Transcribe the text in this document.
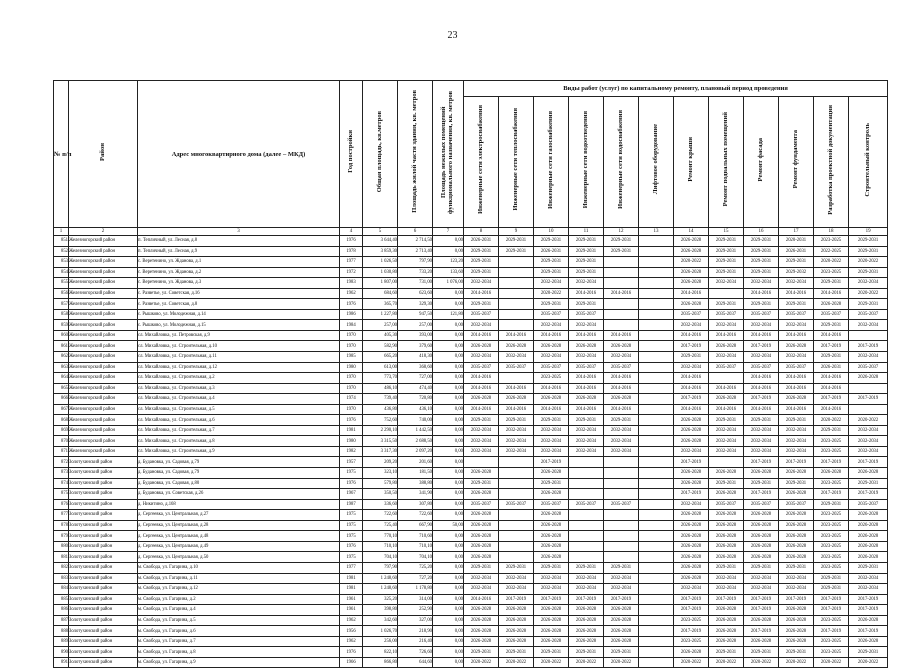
23
№ п/п	Район	Адрес многоквартирного дома (далее – МКД)	Год постройки	Общая площадь, кв.метров	Площадь жилой части здания, кв. метров	Площадь нежилых помещений функционального назначения, кв. метров	Виды работ (услуг) по капитальному ремонту, плановый период проведения											
							Инженерные сети электроснабжения	Инженерные сети теплоснабжения	Инженерные сети газоснабжения	Инженерные сети водоотведения	Инженерные сети водоснабжения	Лифтовое оборудование	Ремонт крыши	Ремонт подвальных помещений	Ремонт фасада	Ремонт фундамента	Разработка проектной документации	Строительный контроль
1	2	3	4	5	6	7	8	9	10	11	12	13	14	15	16	17	18	19
851	Железногорский район	п. Тепличный, ул. Лесная, д.8	1976	3 644,40	2 714,50	0,00	2026-2031	2029-2031	2029-2031	2029-2031	2029-2031		2026-2028	2029-2031	2029-2031	2020-2031	2023-2025	2029-2031
852	Железногорский район	п. Тепличный, ул. Лесная, д.9	1978	3 859,30	2 713,40	0,00	2029-2031	2029-2031	2026-2031	2029-2031	2029-2031		2026-2028	2029-2031	2029-2031	2026-2031	2022-2025	2029-2031
853	Железногорский район	с. Веретенино, ул. Жданова, д.1	1977	1 026,50	797,90	123,20	2029-2031		2029-2031	2029-2031			2020-2022	2029-2031	2029-2031	2029-2031	2020-2022	2020-2022
854	Железногорский район	с. Веретенино, ул. Жданова, д.2	1972	1 030,80	733,20	133,60	2029-2031		2029-2031	2029-2031			2026-2028	2029-2031	2029-2031	2029-2032	2023-2025	2029-2031
855	Железногорский район	с. Веретенино, ул. Жданова, д.3	1983	1 807,00	731,00	1 076,00	2032-2034		2032-2034	2032-2034			2026-2028	2032-2034	2032-2034	2032-2034	2029-2031	2032-2034
856	Железногорский район	с. Разветье, ул. Советская, д.16	1962	684,60	623,60	0,00	2014-2016		2020-2022	2014-2016	2014-2016		2014-2016		2014-2016	2014-2016	2014-2016	2020-2022
857	Железногорский район	с. Разветье, ул. Советская, д.8	1976	365,70	329,30	0,00	2029-2031		2029-2031	2029-2031			2026-2028	2029-2031	2029-2031	2029-2031	2026-2028	2029-2031
858	Железногорский район	с. Рышково, ул. Молодежная, д.14	1986	1 227,80	947,50	121,80	2035-2037		2035-2037	2035-2037			2035-2037	2035-2037	2035-2037	2035-2037	2035-2037	2035-2037
859	Железногорский район	с. Рышково, ул. Молодежная, д.15	1984	257,00	257,00	0,00	2032-2034		2032-2034	2032-2034			2032-2034	2032-2034	2032-2034	2032-2034	2029-2031	2032-2034
860	Железногорский район	сл. Михайловка, ул. Петровская, д.9	1970	405,30	393,00	0,00	2014-2016	2014-2016	2014-2016	2014-2016	2014-2016		2014-2016	2014-2016	2014-2016	2014-2016	2014-2016	
861	Железногорский район	сл. Михайловка, ул. Строительная, д.10	1970	582,90	379,60	0,00	2026-2028	2026-2028	2026-2028	2026-2028	2026-2028		2017-2019	2026-2028	2017-2019	2026-2028	2017-2019	2017-2019
862	Железногорский район	сл. Михайловка, ул. Строительная, д.11	1985	665,20	418,30	0,00	2032-2034	2032-2034	2032-2034	2032-2034	2032-2034		2029-2031	2032-2034	2032-2034	2032-2034	2029-2031	2032-2034
863	Железногорский район	сл. Михайловка, ул. Строительная, д.12	1980	613,00	368,60	0,00	2035-2037	2035-2037	2035-2037	2035-2037	2035-2037		2032-2034	2035-2037	2035-2037	2035-2037	2026-2031	2035-2037
864	Железногорский район	сл. Михайловка, ул. Строительная, д.2	1970	773,70	727,00	0,00	2014-2016		2023-2025	2014-2016	2014-2016		2014-2016		2014-2016	2014-2016	2014-2016	2026-2028
865	Железногорский район	сл. Михайловка, ул. Строительная, д.3	1970	486,10	474,40	0,00	2014-2016	2014-2016	2014-2016	2014-2016	2014-2016		2014-2016	2014-2016	2014-2016	2014-2016	2014-2016	
866	Железногорский район	сл. Михайловка, ул. Строительная, д.4	1974	739,40	720,80	0,00	2026-2028	2026-2028	2026-2028	2026-2028	2026-2028		2017-2019	2026-2028	2017-2019	2026-2028	2017-2019	2017-2019
867	Железногорский район	сл. Михайловка, ул. Строительная, д.5	1970	436,80	436,10	0,00	2014-2016	2014-2016	2014-2016	2014-2016	2014-2016		2014-2016	2014-2016	2014-2016	2014-2016	2014-2016	
868	Железногорский район	сл. Михайловка, ул. Строительная, д.6	1976	752,60	740,00	0,00	2029-2031	2029-2031	2029-2031	2029-2031	2029-2031		2026-2028	2029-2031	2029-2031	2029-2031	2020-2022	2020-2022
869	Железногорский район	сл. Михайловка, ул. Строительная, д.7	1981	2 290,10	1 442,50	0,00	2032-2034	2032-2034	2032-2034	2032-2034	2032-2034		2026-2028	2032-2034	2032-2034	2032-2034	2029-2031	2032-2034
870	Железногорский район	сл. Михайловка, ул. Строительная, д.8	1980	3 315,50	2 688,50	0,00	2032-2034	2032-2034	2032-2034	2032-2034	2032-2034		2026-2028	2032-2034	2032-2034	2032-2034	2023-2025	2032-2034
871	Железногорский район	сл. Михайловка, ул. Строительная, д.9	1982	3 317,30	2 097,20	0,00	2032-2034	2032-2034	2032-2034	2032-2034	2032-2034		2032-2034	2032-2034	2032-2034	2032-2034	2023-2025	2032-2034
872	Золотухинский район	д. Будановка, ул. Садовая, д.79	1957	209,20	201,60	0,00			2017-2019				2017-2019		2017-2019	2017-2019	2017-2019	2017-2019
873	Золотухинский район	д. Будановка, ул. Садовая, д.79	1975	323,10	181,50	0,00	2026-2028		2026-2028				2026-2028	2026-2028	2026-2028	2026-2028	2026-2028	2026-2028
874	Золотухинский район	д. Будановка, ул. Садовая, д.80	1976	579,80	388,80	0,00	2029-2031		2029-2031				2026-2028	2029-2031	2029-2031	2029-2031	2023-2025	2029-2031
875	Золотухинский район	д. Будановка, ул. Советская, д.26	1967	350,50	341,90	0,00	2026-2028		2026-2028				2017-2019	2026-2028	2017-2019	2026-2028	2017-2019	2017-2019
876	Золотухинский район	д. Никитино, д.168	1987	336,60	307,80	0,00	2035-2037	2035-2037	2035-2037	2035-2037	2035-2037		2032-2034	2035-2037	2035-2037	2035-2037	2029-2031	2035-2037
877	Золотухинский район	д. Сергеевка, ул. Центральная, д.27	1975	722,60	722,60	0,00	2026-2028		2026-2028				2026-2028	2026-2028	2026-2028	2026-2028	2023-2025	2026-2028
878	Золотухинский район	д. Сергеевка, ул. Центральная, д.28	1975	725,40	667,90	50,00	2026-2028		2026-2028				2026-2028	2026-2028	2026-2028	2026-2028	2023-2025	2026-2028
879	Золотухинский район	д. Сергеевка, ул. Центральная, д.48	1975	770,10	710,60	0,00	2026-2028		2026-2028				2026-2028	2026-2028	2026-2028	2026-2028	2023-2025	2026-2028
880	Золотухинский район	д. Сергеевка, ул. Центральная, д.49	1976	710,10	710,10	0,00	2026-2028		2026-2028				2026-2028	2026-2028	2026-2028	2026-2028	2023-2025	2026-2028
881	Золотухинский район	д. Сергеевка, ул. Центральная, д.50	1975	704,10	704,10	0,00	2026-2028		2026-2028				2026-2028	2026-2028	2026-2028	2026-2028	2023-2025	2026-2028
882	Золотухинский район	м. Свобода, ул. Гагарина, д.10	1977	797,90	725,20	0,00	2029-2031	2029-2031	2029-2031	2029-2031	2029-2031		2026-2028	2029-2031	2029-2031	2029-2031	2023-2025	2029-2031
883	Золотухинский район	м. Свобода, ул. Гагарина, д.11	1981	1 248,60	727,20	0,00	2032-2034	2032-2034	2032-2034	2032-2034	2032-2034		2026-2028	2032-2034	2032-2034	2032-2034	2029-2031	2032-2034
884	Золотухинский район	м. Свобода, ул. Гагарина, д.12	1981	1 248,60	1 178,80	0,00	2032-2034	2032-2034	2032-2034	2032-2034	2032-2034		2032-2034	2032-2034	2032-2034	2032-2034	2029-2031	2032-2034
885	Золотухинский район	м. Свобода, ул. Гагарина, д.2	1961	325,20	314,00	0,00	2014-2016	2017-2019	2017-2019	2017-2019	2017-2019		2017-2019	2017-2019	2017-2019	2017-2019	2017-2019	2017-2019
886	Золотухинский район	м. Свобода, ул. Гагарина, д.4	1961	398,80	252,90	0,00	2026-2028	2026-2028	2026-2028	2026-2028	2026-2028		2017-2019	2026-2028	2017-2019	2026-2028	2017-2019	2017-2019
887	Золотухинский район	м. Свобода, ул. Гагарина, д.5	1962	342,60	327,00	0,00	2026-2028	2026-2028	2026-2028	2026-2028	2026-2028		2023-2025	2026-2028	2026-2028	2026-2028	2023-2025	2026-2028
888	Золотухинский район	м. Свобода, ул. Гагарина, д.6	1956	1 026,70	218,90	0,00	2026-2028	2026-2028	2026-2028	2026-2028	2026-2028		2017-2019	2026-2028	2017-2019	2026-2028	2017-2019	2017-2019
889	Золотухинский район	м. Свобода, ул. Гагарина, д.7	1962	256,00	216,40	0,00	2026-2028	2026-2028	2026-2028	2026-2028	2026-2028		2023-2025	2026-2028	2026-2028	2026-2028	2023-2025	2026-2028
890	Золотухинский район	м. Свобода, ул. Гагарина, д.8	1976	822,10	726,60	0,00	2029-2031	2029-2031	2029-2031	2029-2031	2029-2031		2026-2028	2029-2031	2029-2031	2029-2031	2023-2025	2029-2031
891	Золотухинский район	м. Свобода, ул. Гагарина, д.9	1966	866,80	644,60	0,00	2020-2022	2020-2022	2020-2022	2020-2022	2020-2022		2020-2022	2020-2022	2020-2022	2020-2022	2020-2022	2020-2022
